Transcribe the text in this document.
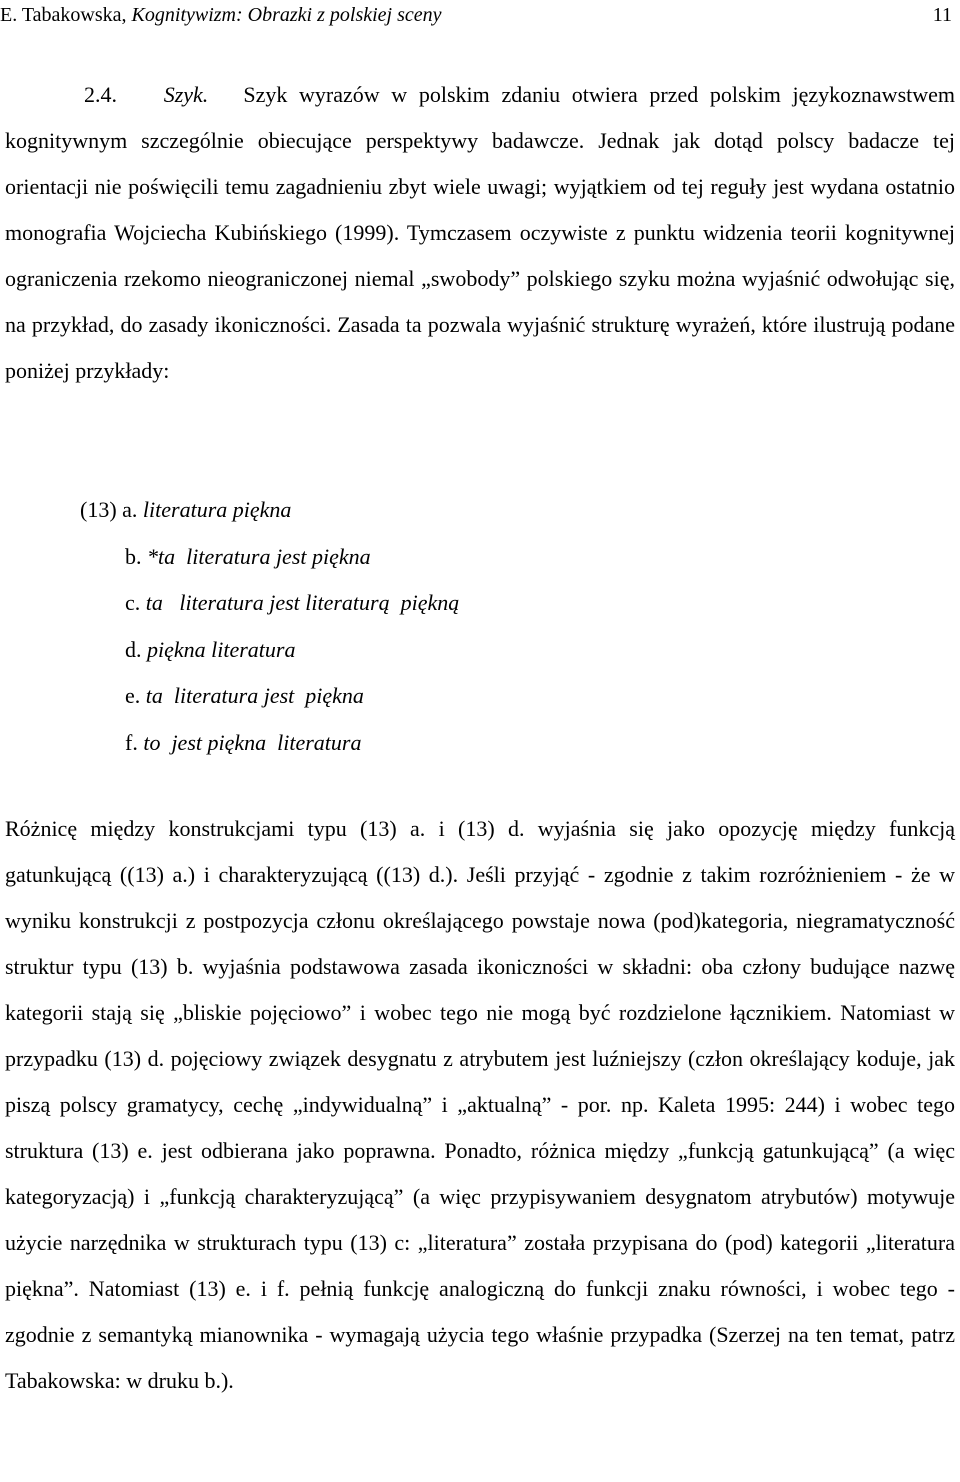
E. Tabakowska, Kognitywizm: Obrazki z polskiej sceny	11

2.4. Szyk. Szyk wyrazów w polskim zdaniu otwiera przed polskim językoznawstwem kognitywnym szczególnie obiecujące perspektywy badawcze. Jednak jak dotąd polscy badacze tej orientacji nie poświęcili temu zagadnieniu zbyt wiele uwagi; wyjątkiem od tej reguły jest wydana ostatnio monografia Wojciecha Kubińskiego (1999). Tymczasem oczywiste z punktu widzenia teorii kognitywnej ograniczenia rzekomo nieograniczonej niemal „swobody” polskiego szyku można wyjaśnić odwołując się, na przykład, do zasady ikoniczności. Zasada ta pozwala wyjaśnić strukturę wyrażeń, które ilustrują podane poniżej przykłady:

(13) a. literatura piękna
b. *ta  literatura jest piękna
c. ta   literatura jest literaturą  piękną
d. piękna literatura
e. ta  literatura jest  piękna
f. to  jest piękna  literatura

Różnicę między konstrukcjami typu (13) a. i (13) d. wyjaśnia się jako opozycję między funkcją gatunkującą ((13) a.) i charakteryzującą ((13) d.). Jeśli przyjąć - zgodnie z takim rozróżnieniem - że w wyniku konstrukcji z postpozycja członu określającego powstaje nowa (pod)kategoria, niegramatyczność struktur typu (13) b. wyjaśnia podstawowa zasada ikoniczności w składni: oba człony budujące nazwę kategorii stają się „bliskie pojęciowo” i wobec tego nie mogą być rozdzielone łącznikiem. Natomiast w przypadku (13) d. pojęciowy związek desygnatu z atrybutem jest luźniejszy (człon określający koduje, jak piszą polscy gramatycy, cechę „indywidualną” i „aktualną” - por. np. Kaleta 1995: 244) i wobec tego struktura (13) e. jest odbierana jako poprawna. Ponadto, różnica między „funkcją gatunkującą” (a więc kategoryzacją) i „funkcją charakteryzującą” (a więc przypisywaniem desygnatom atrybutów) motywuje użycie narzędnika w strukturach typu (13) c: „literatura” została przypisana do (pod) kategorii „literatura piękna”. Natomiast (13) e. i f. pełnią funkcję analogiczną do funkcji znaku równości, i wobec tego - zgodnie z semantyką mianownika - wymagają użycia tego właśnie przypadka (Szerzej na ten temat, patrz Tabakowska: w druku b.).
